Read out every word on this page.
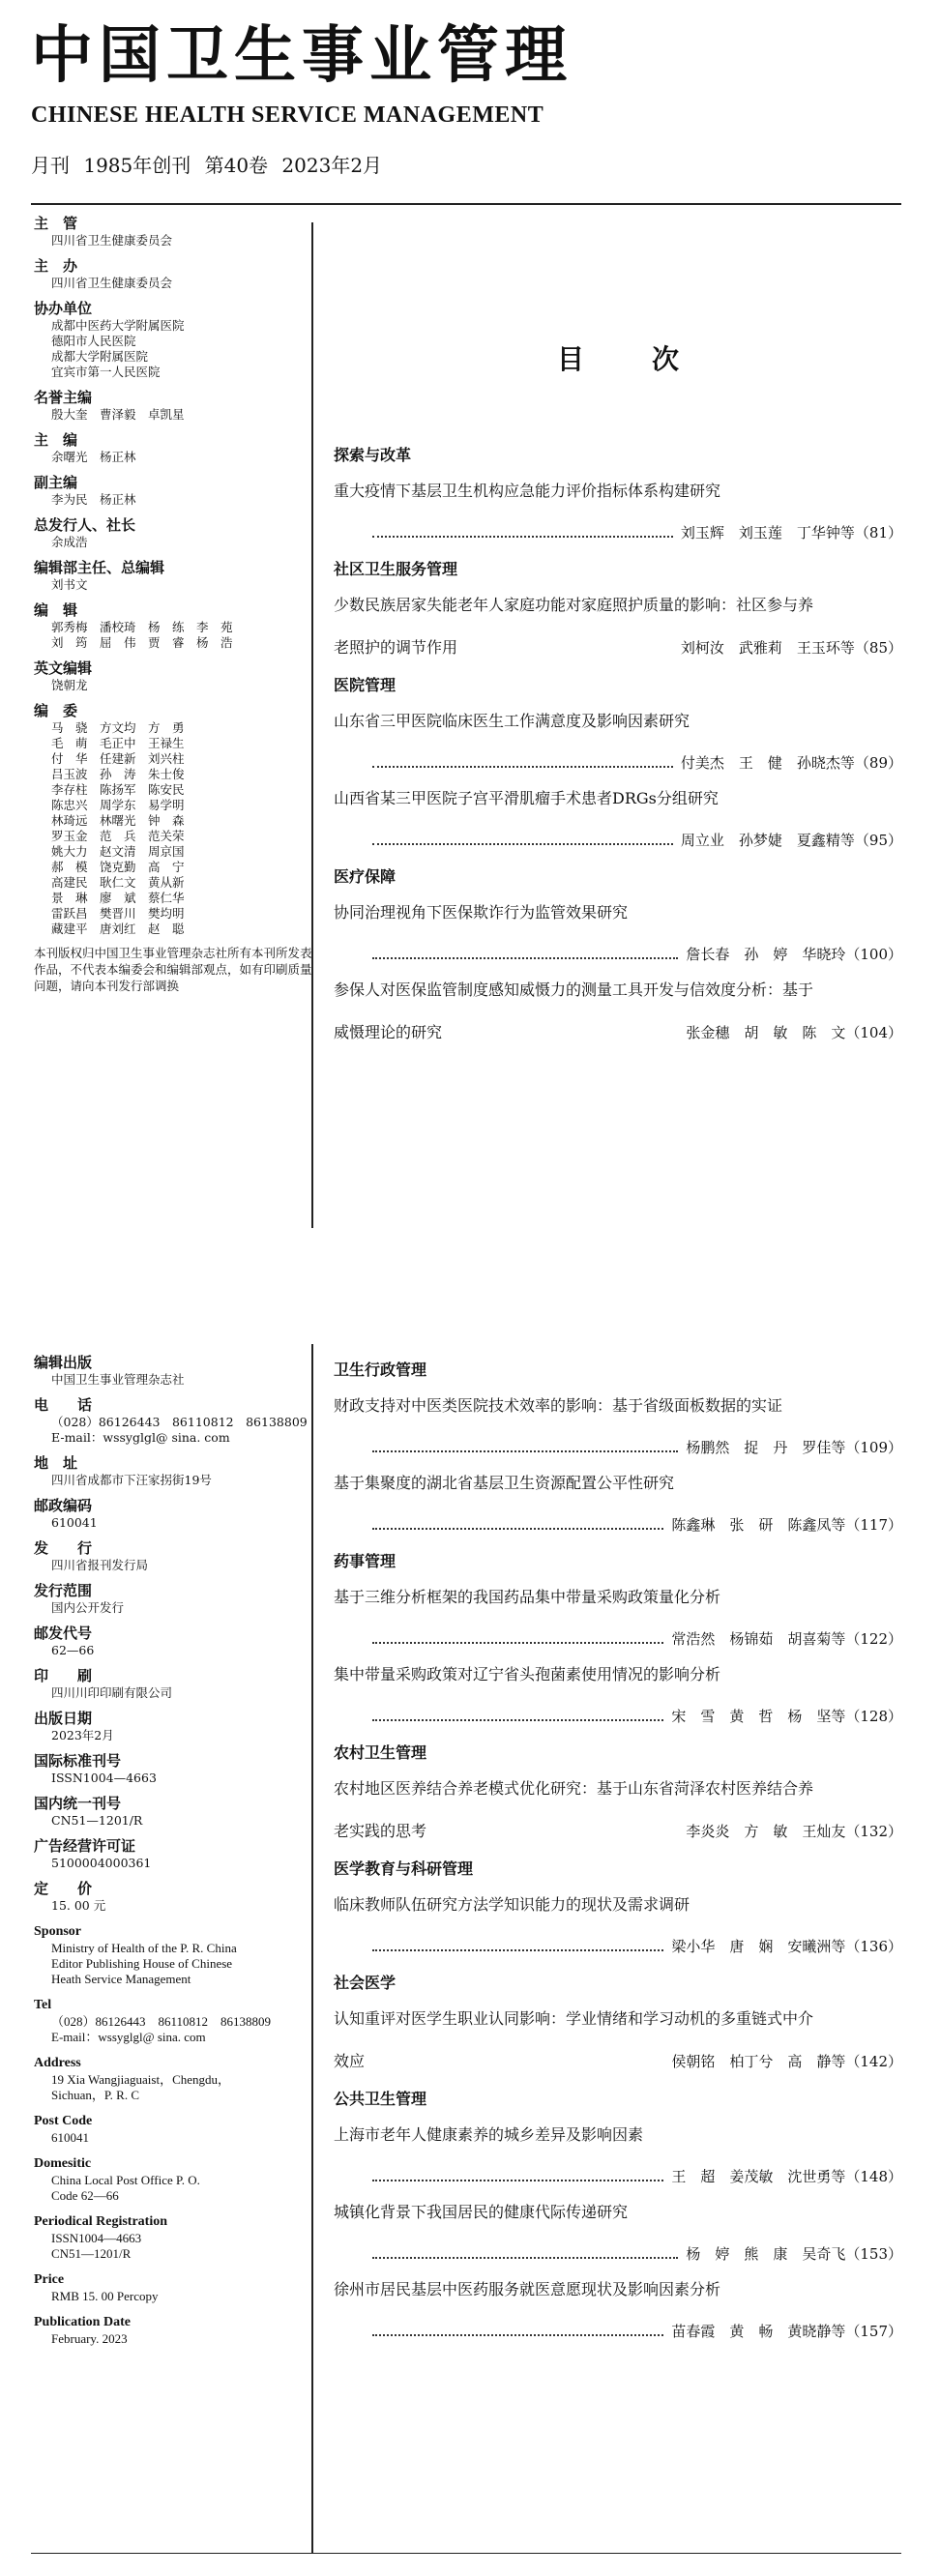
中国卫生事业管理
CHINESE HEALTH SERVICE MANAGEMENT
月刊 1985年创刊 第40卷 2023年2月
主　管
四川省卫生健康委员会
主　办
四川省卫生健康委员会
协办单位
成都中医药大学附属医院
德阳市人民医院
成都大学附属医院
宜宾市第一人民医院
名誉主编
殷大奎　曹泽毅　卓凯星
主　编
余曙光　杨正林
副主编
李为民　杨正林
总发行人、社长
余成浩
编辑部主任、总编辑
刘书文
编　辑
郭秀梅　潘校琦　杨　练　李　苑
刘　筠　屈　伟　贾　睿　杨　浩
英文编辑
饶朝龙
编　委
马　骁　方文均　方　勇
毛　萌　毛正中　王禄生
付　华　任建新　刘兴柱
吕玉波　孙　涛　朱士俊
李存柱　陈扬军　陈安民
陈忠兴　周学东　易学明
林琦远　林曙光　钟　森
罗玉金　范　兵　范关荣
姚大力　赵文清　周京国
郝　模　饶克勤　高　宁
高建民　耿仁文　黄从新
景　琳　廖　斌　蔡仁华
雷跃昌　樊晋川　樊均明
藏建平　唐刘红　赵　聪
本刊版权归中国卫生事业管理杂志社所有本刊所发表作品，不代表本编委会和编辑部观点，如有印刷质量问题，请向本刊发行部调换
编辑出版
中国卫生事业管理杂志社
电　　话
（028）86126443　86110812　86138809
E-mail：wssyglgl@ sina. com
地　址
四川省成都市下汪家拐街19号
邮政编码
610041
发　　行
四川省报刊发行局
发行范围
国内公开发行
邮发代号
62—66
印　　刷
四川川印印刷有限公司
出版日期
2023年2月
国际标准刊号
ISSN1004—4663
国内统一刊号
CN51—1201/R
广告经营许可证
5100004000361
定　　价
15. 00 元
Sponsor
Ministry of Health of the P. R. China
Editor Publishing House of Chinese
Heath Service Management
Tel
（028）86126443　86110812　86138809
E-mail：wssyglgl@ sina. com
Address
19 Xia Wangjiaguaist，Chengdu，
Sichuan，P. R. C
Post Code
610041
Domesitic
China Local Post Office P. O.
Code 62—66
Periodical Registration
ISSN1004—4663
CN51—1201/R
Price
RMB 15. 00 Percopy
Publication Date
February. 2023
目次
探索与改革
重大疫情下基层卫生机构应急能力评价指标体系构建研究
刘玉辉　刘玉莲　丁华钟等（81）
社区卫生服务管理
少数民族居家失能老年人家庭功能对家庭照护质量的影响：社区参与养
老照护的调节作用	刘柯汝　武雅莉　王玉环等（85）
医院管理
山东省三甲医院临床医生工作满意度及影响因素研究
付美杰　王　健　孙晓杰等（89）
山西省某三甲医院子宫平滑肌瘤手术患者DRGs分组研究
周立业　孙梦婕　夏鑫精等（95）
医疗保障
协同治理视角下医保欺诈行为监管效果研究
詹长春　孙　婷　华晓玲（100）
参保人对医保监管制度感知威慑力的测量工具开发与信效度分析：基于
威慑理论的研究	张金穗　胡　敏　陈　文（104）
卫生行政管理
财政支持对中医类医院技术效率的影响：基于省级面板数据的实证
杨鹏然　捉　丹　罗佳等（109）
基于集聚度的湖北省基层卫生资源配置公平性研究
陈鑫琳　张　研　陈鑫凤等（117）
药事管理
基于三维分析框架的我国药品集中带量采购政策量化分析
常浩然　杨锦茹　胡喜菊等（122）
集中带量采购政策对辽宁省头孢菌素使用情况的影响分析
宋　雪　黄　哲　杨　坚等（128）
农村卫生管理
农村地区医养结合养老模式优化研究：基于山东省菏泽农村医养结合养
老实践的思考	李炎炎　方　敏　王灿友（132）
医学教育与科研管理
临床教师队伍研究方法学知识能力的现状及需求调研
梁小华　唐　娴　安曦洲等（136）
社会医学
认知重评对医学生职业认同影响：学业情绪和学习动机的多重链式中介
效应	侯朝铭　柏丁兮　高　静等（142）
公共卫生管理
上海市老年人健康素养的城乡差异及影响因素
王　超　姜茂敏　沈世勇等（148）
城镇化背景下我国居民的健康代际传递研究
杨　婷　熊　康　吴奇飞（153）
徐州市居民基层中医药服务就医意愿现状及影响因素分析
苗春霞　黄　畅　黄晓静等（157）
